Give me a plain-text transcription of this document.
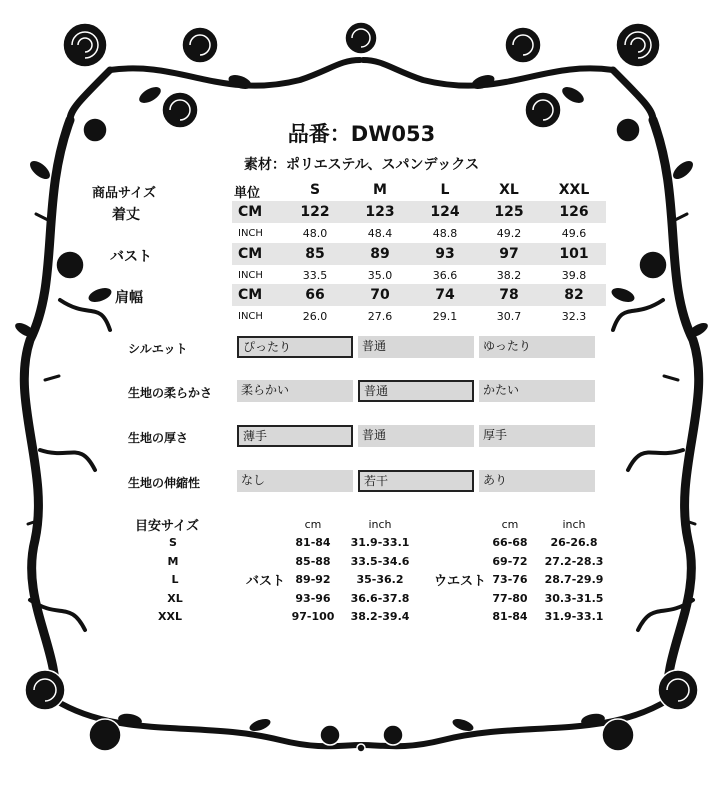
品番：DW053
素材：ポリエステル、スパンデックス
商品サイズ	単位	S	M	L	XL	XXL
着丈	CM	122	123	124	125	126
INCH	48.0	48.4	48.8	49.2	49.6
バスト	CM	85	89	93	97	101
INCH	33.5	35.0	36.6	38.2	39.8
肩幅	CM	66	70	74	78	82
INCH	26.0	27.6	29.1	30.7	32.3
シルエット	ぴったり	普通	ゆったり
生地の柔らかさ	柔らかい	普通	かたい
生地の厚さ	薄手	普通	厚手
生地の伸縮性	なし	若干	あり
目安サイズ	cm	inch	cm	inch
バスト	ウエスト
S	81-84	31.9-33.1	66-68	26-26.8
M	85-88	33.5-34.6	69-72	27.2-28.3
L	89-92	35-36.2	73-76	28.7-29.9
XL	93-96	36.6-37.8	77-80	30.3-31.5
XXL	97-100	38.2-39.4	81-84	31.9-33.1
